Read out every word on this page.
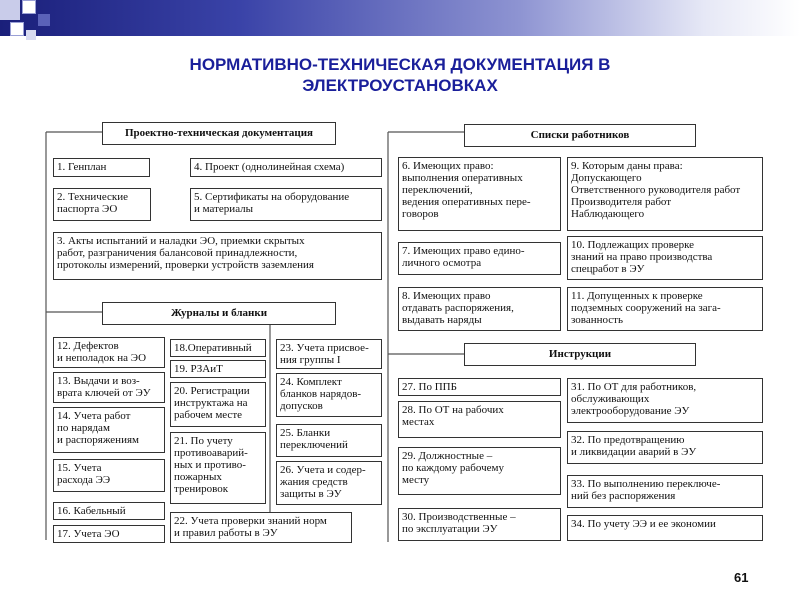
НОРМАТИВНО-ТЕХНИЧЕСКАЯ ДОКУМЕНТАЦИЯ В
ЭЛЕКТРОУСТАНОВКАХ
Проектно-техническая документация	Списки работников
Журналы и бланки
Инструкции
1. Генплан	4. Проект (однолинейная схема)
2. Технические
паспорта ЭО
5. Сертификаты на оборудование
и материалы
3. Акты испытаний и наладки ЭО, приемки скрытых
работ, разграничения балансовой принадлежности,
протоколы измерений, проверки устройств заземления
6. Имеющих право:
выполнения оперативных
переключений,
ведения оперативных пере-
говоров
9. Которым даны права:
Допускающего
Ответственного руководителя работ
Производителя работ
Наблюдающего
7. Имеющих право едино-
личного осмотра
10. Подлежащих проверке
знаний на право производства
спецработ в ЭУ
8. Имеющих право
отдавать распоряжения,
выдавать наряды
11. Допущенных к проверке
подземных сооружений на зага-
зованность
12. Дефектов
и неполадок на ЭО
13. Выдачи и воз-
врата ключей от ЭУ
14. Учета работ
по нарядам
и распоряжениям
15. Учета
расхода ЭЭ
16. Кабельный
17. Учета ЭО
18.Оперативный
19. РЗАиТ
20. Регистрации
инструктажа на
рабочем месте
21. По учету
противоаварий-
ных и противо-
пожарных
тренировок
22. Учета проверки знаний норм
и правил работы в ЭУ
23. Учета присвое-
ния группы I
24. Комплект
бланков нарядов-
допусков
25. Бланки
переключений
26. Учета и содер-
жания средств
защиты в ЭУ
27. По ППБ
28. По ОТ на рабочих
местах
29. Должностные –
по каждому рабочему
месту
30. Производственные –
по эксплуатации ЭУ
31. По ОТ для работников,
обслуживающих
электрооборудование ЭУ
32. По предотвращению
и ликвидации аварий в ЭУ
33. По выполнению переключе-
ний без распоряжения
34. По учету ЭЭ и ее экономии
61
